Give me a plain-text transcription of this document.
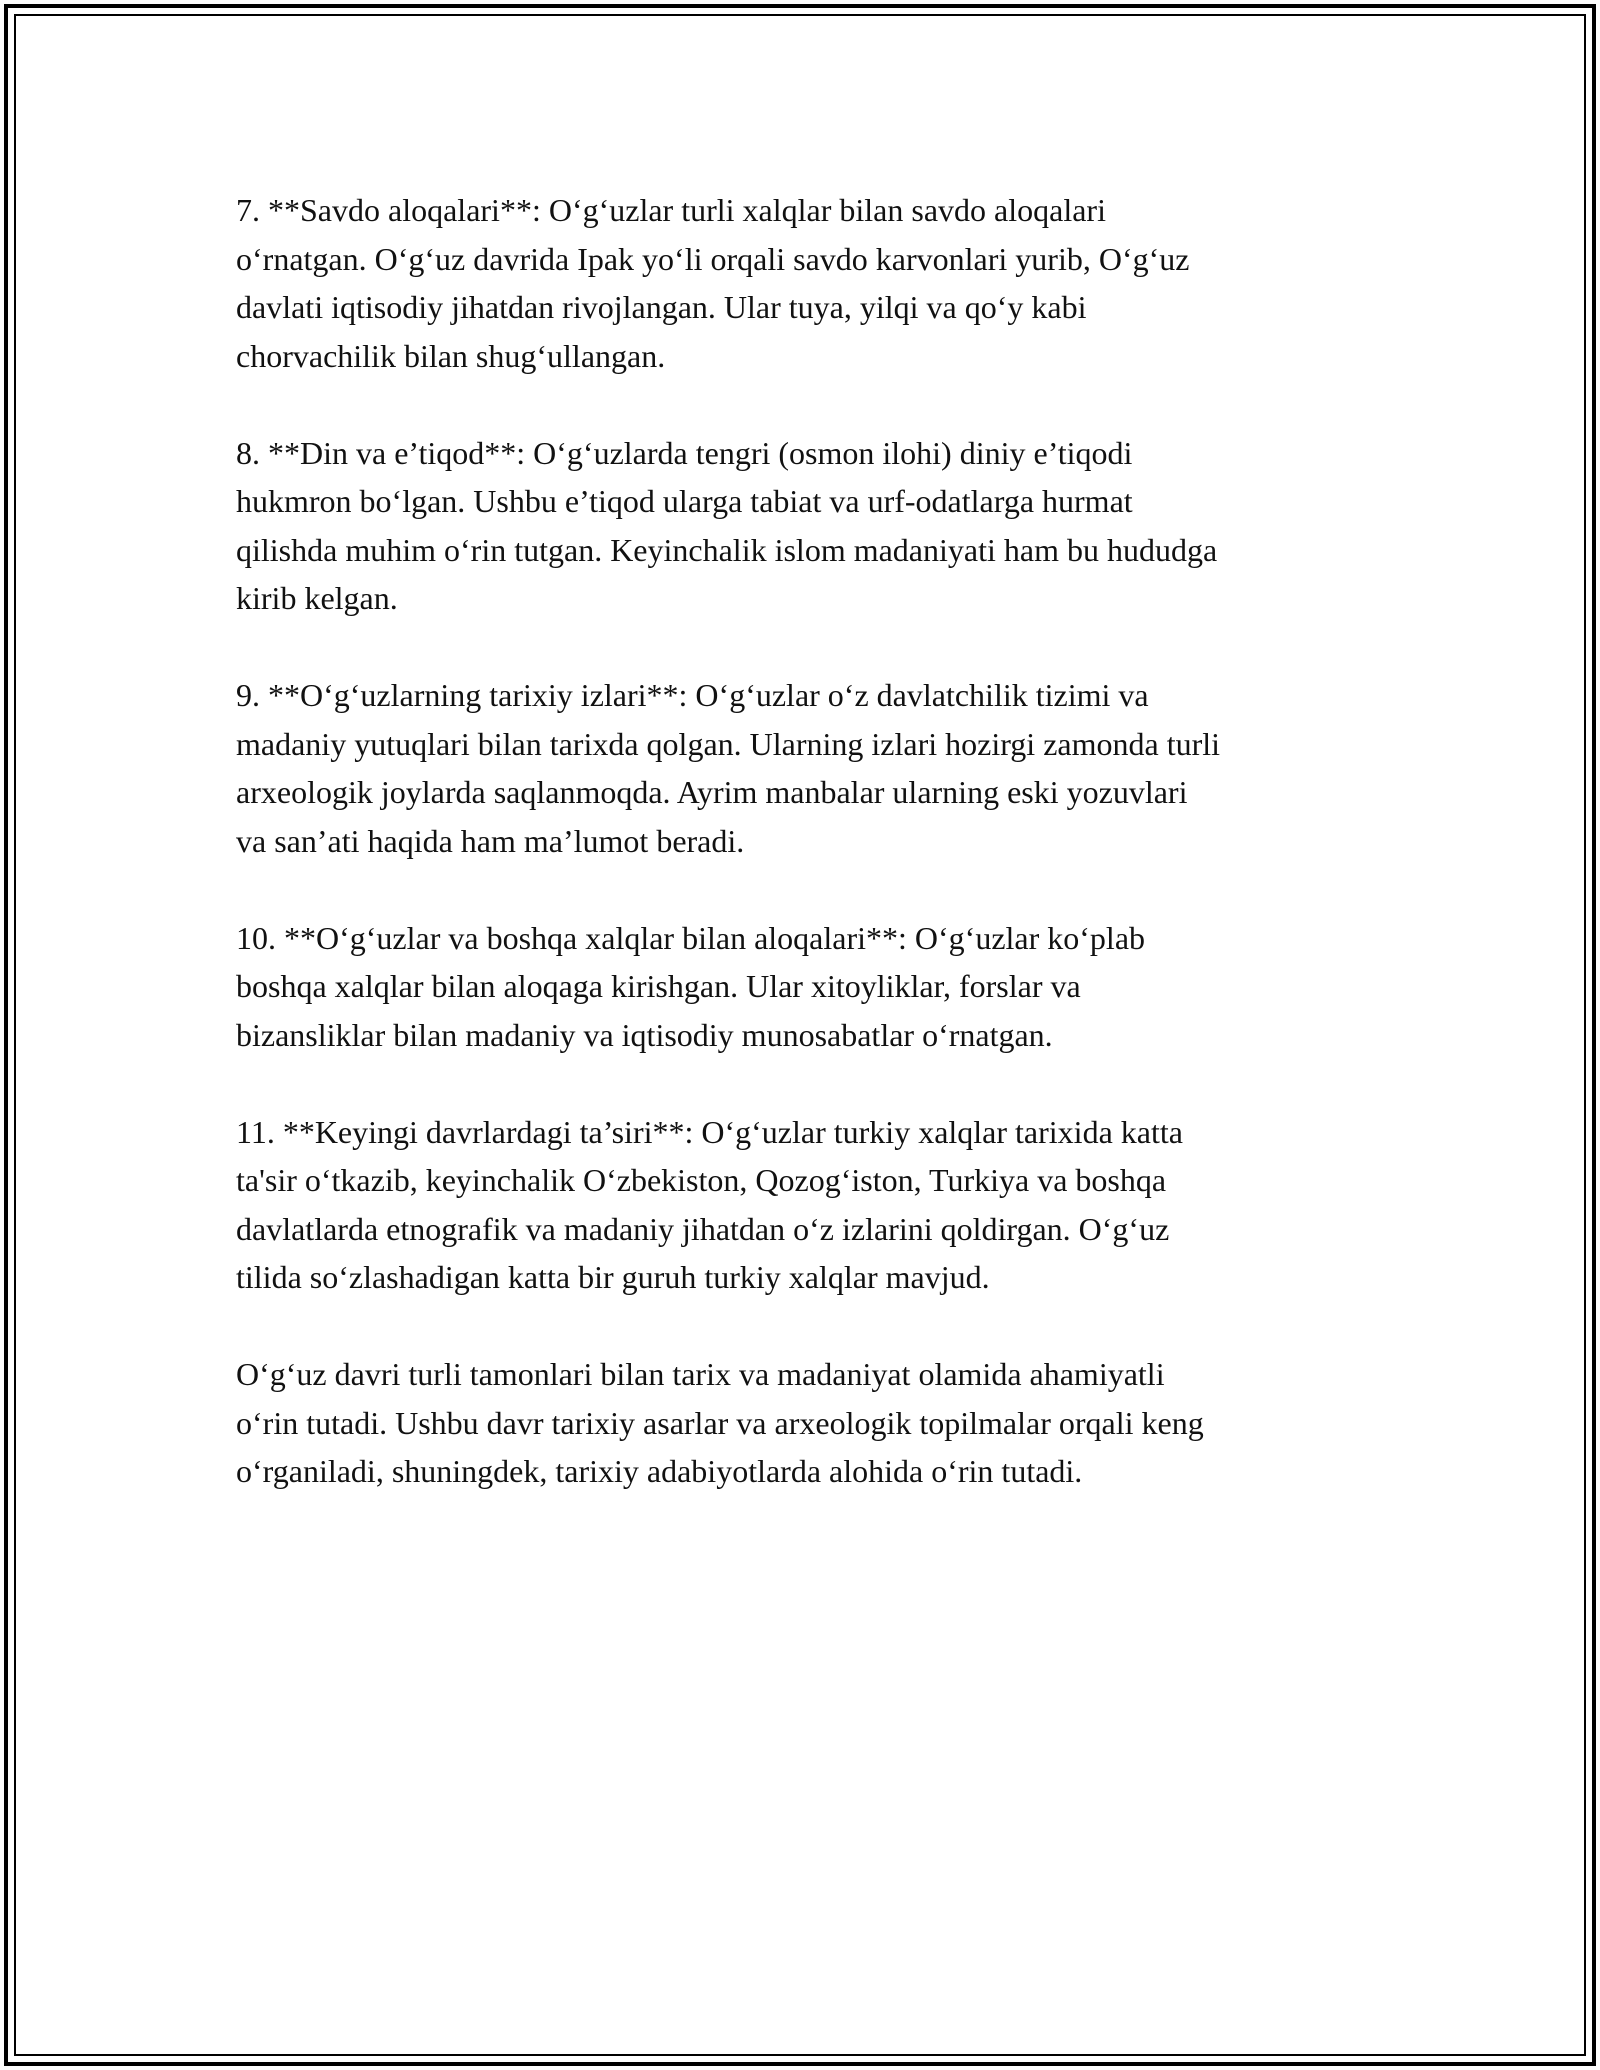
7. **Savdo aloqalari**: O‘g‘uzlar turli xalqlar bilan savdo aloqalari
o‘rnatgan. O‘g‘uz davrida Ipak yo‘li orqali savdo karvonlari yurib, O‘g‘uz
davlati iqtisodiy jihatdan rivojlangan. Ular tuya, yilqi va qo‘y kabi
chorvachilik bilan shug‘ullangan.

8. **Din va e’tiqod**: O‘g‘uzlarda tengri (osmon ilohi) diniy e’tiqodi
hukmron bo‘lgan. Ushbu e’tiqod ularga tabiat va urf-odatlarga hurmat
qilishda muhim o‘rin tutgan. Keyinchalik islom madaniyati ham bu hududga
kirib kelgan.

9. **O‘g‘uzlarning tarixiy izlari**: O‘g‘uzlar o‘z davlatchilik tizimi va
madaniy yutuqlari bilan tarixda qolgan. Ularning izlari hozirgi zamonda turli
arxeologik joylarda saqlanmoqda. Ayrim manbalar ularning eski yozuvlari
va san’ati haqida ham ma’lumot beradi.

10. **O‘g‘uzlar va boshqa xalqlar bilan aloqalari**: O‘g‘uzlar ko‘plab
boshqa xalqlar bilan aloqaga kirishgan. Ular xitoyliklar, forslar va
bizansliklar bilan madaniy va iqtisodiy munosabatlar o‘rnatgan.

11. **Keyingi davrlardagi ta’siri**: O‘g‘uzlar turkiy xalqlar tarixida katta
ta'sir o‘tkazib, keyinchalik O‘zbekiston, Qozog‘iston, Turkiya va boshqa
davlatlarda etnografik va madaniy jihatdan o‘z izlarini qoldirgan. O‘g‘uz
tilida so‘zlashadigan katta bir guruh turkiy xalqlar mavjud.

O‘g‘uz davri turli tamonlari bilan tarix va madaniyat olamida ahamiyatli
o‘rin tutadi. Ushbu davr tarixiy asarlar va arxeologik topilmalar orqali keng
o‘rganiladi, shuningdek, tarixiy adabiyotlarda alohida o‘rin tutadi.
